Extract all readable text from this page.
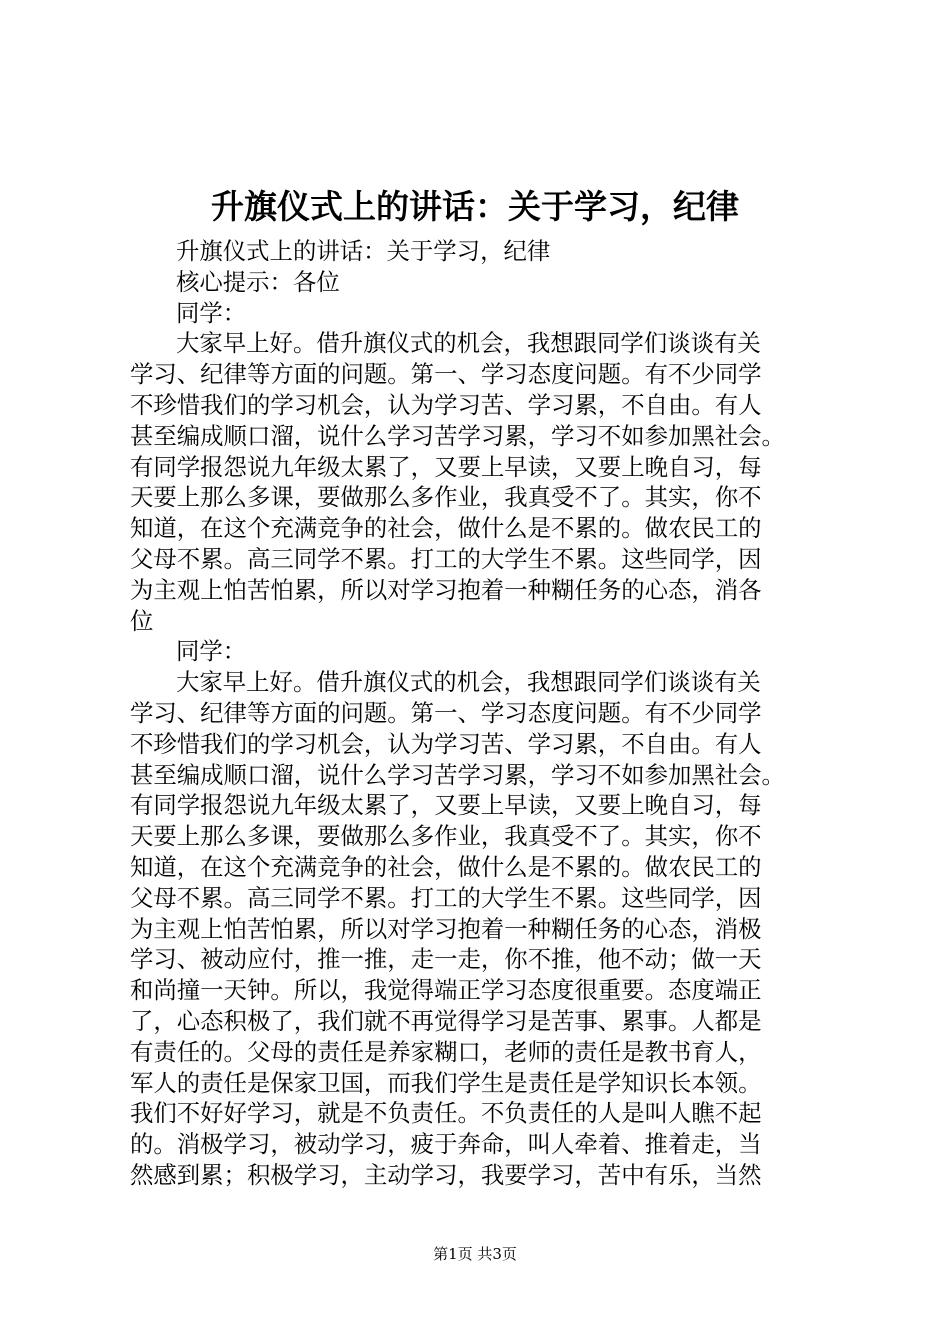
升旗仪式上的讲话：关于学习，纪律

升旗仪式上的讲话：关于学习，纪律

核心提示：各位

同学：

大家早上好。借升旗仪式的机会，我想跟同学们谈谈有关

学习、纪律等方面的问题。第一、学习态度问题。有不少同学

不珍惜我们的学习机会，认为学习苦、学习累，不自由。有人

甚至编成顺口溜，说什么学习苦学习累，学习不如参加黑社会。

有同学报怨说九年级太累了，又要上早读，又要上晚自习，每

天要上那么多课，要做那么多作业，我真受不了。其实，你不

知道，在这个充满竞争的社会，做什么是不累的。做农民工的

父母不累。高三同学不累。打工的大学生不累。这些同学，因

为主观上怕苦怕累，所以对学习抱着一种糊任务的心态，消各

位

同学：

大家早上好。借升旗仪式的机会，我想跟同学们谈谈有关

学习、纪律等方面的问题。第一、学习态度问题。有不少同学

不珍惜我们的学习机会，认为学习苦、学习累，不自由。有人

甚至编成顺口溜，说什么学习苦学习累，学习不如参加黑社会。

有同学报怨说九年级太累了，又要上早读，又要上晚自习，每

天要上那么多课，要做那么多作业，我真受不了。其实，你不

知道，在这个充满竞争的社会，做什么是不累的。做农民工的

父母不累。高三同学不累。打工的大学生不累。这些同学，因

为主观上怕苦怕累，所以对学习抱着一种糊任务的心态，消极

学习、被动应付，推一推，走一走，你不推，他不动；做一天

和尚撞一天钟。所以，我觉得端正学习态度很重要。态度端正

了，心态积极了，我们就不再觉得学习是苦事、累事。人都是

有责任的。父母的责任是养家糊口，老师的责任是教书育人，

军人的责任是保家卫国，而我们学生是责任是学知识长本领。

我们不好好学习，就是不负责任。不负责任的人是叫人瞧不起

的。消极学习，被动学习，疲于奔命，叫人牵着、推着走，当

然感到累；积极学习，主动学习，我要学习，苦中有乐，当然

第1页 共3页
